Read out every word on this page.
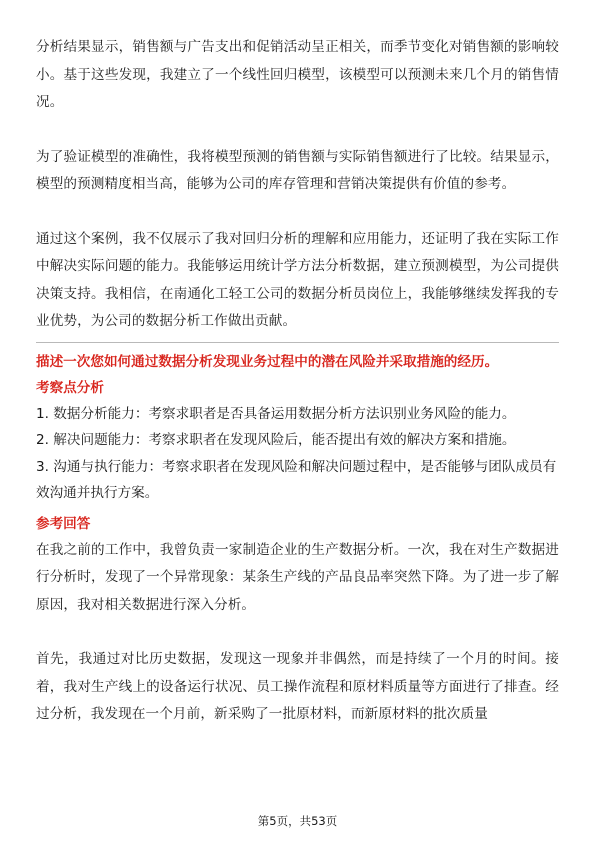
分析结果显示，销售额与广告支出和促销活动呈正相关，而季节变化对销售额的影响较小。基于这些发现，我建立了一个线性回归模型，该模型可以预测未来几个月的销售情况。

为了验证模型的准确性，我将模型预测的销售额与实际销售额进行了比较。结果显示，模型的预测精度相当高，能够为公司的库存管理和营销决策提供有价值的参考。

通过这个案例，我不仅展示了我对回归分析的理解和应用能力，还证明了我在实际工作中解决实际问题的能力。我能够运用统计学方法分析数据，建立预测模型，为公司提供决策支持。我相信，在南通化工轻工公司的数据分析员岗位上，我能够继续发挥我的专业优势，为公司的数据分析工作做出贡献。

描述一次您如何通过数据分析发现业务过程中的潜在风险并采取措施的经历。
考察点分析
1. 数据分析能力：考察求职者是否具备运用数据分析方法识别业务风险的能力。
2. 解决问题能力：考察求职者在发现风险后，能否提出有效的解决方案和措施。
3. 沟通与执行能力：考察求职者在发现风险和解决问题过程中，是否能够与团队成员有效沟通并执行方案。
参考回答

在我之前的工作中，我曾负责一家制造企业的生产数据分析。一次，我在对生产数据进行分析时，发现了一个异常现象：某条生产线的产品良品率突然下降。为了进一步了解原因，我对相关数据进行深入分析。

首先，我通过对比历史数据，发现这一现象并非偶然，而是持续了一个月的时间。接着，我对生产线上的设备运行状况、员工操作流程和原材料质量等方面进行了排查。经过分析，我发现在一个月前，新采购了一批原材料，而新原材料的批次质量

第5页，共53页
